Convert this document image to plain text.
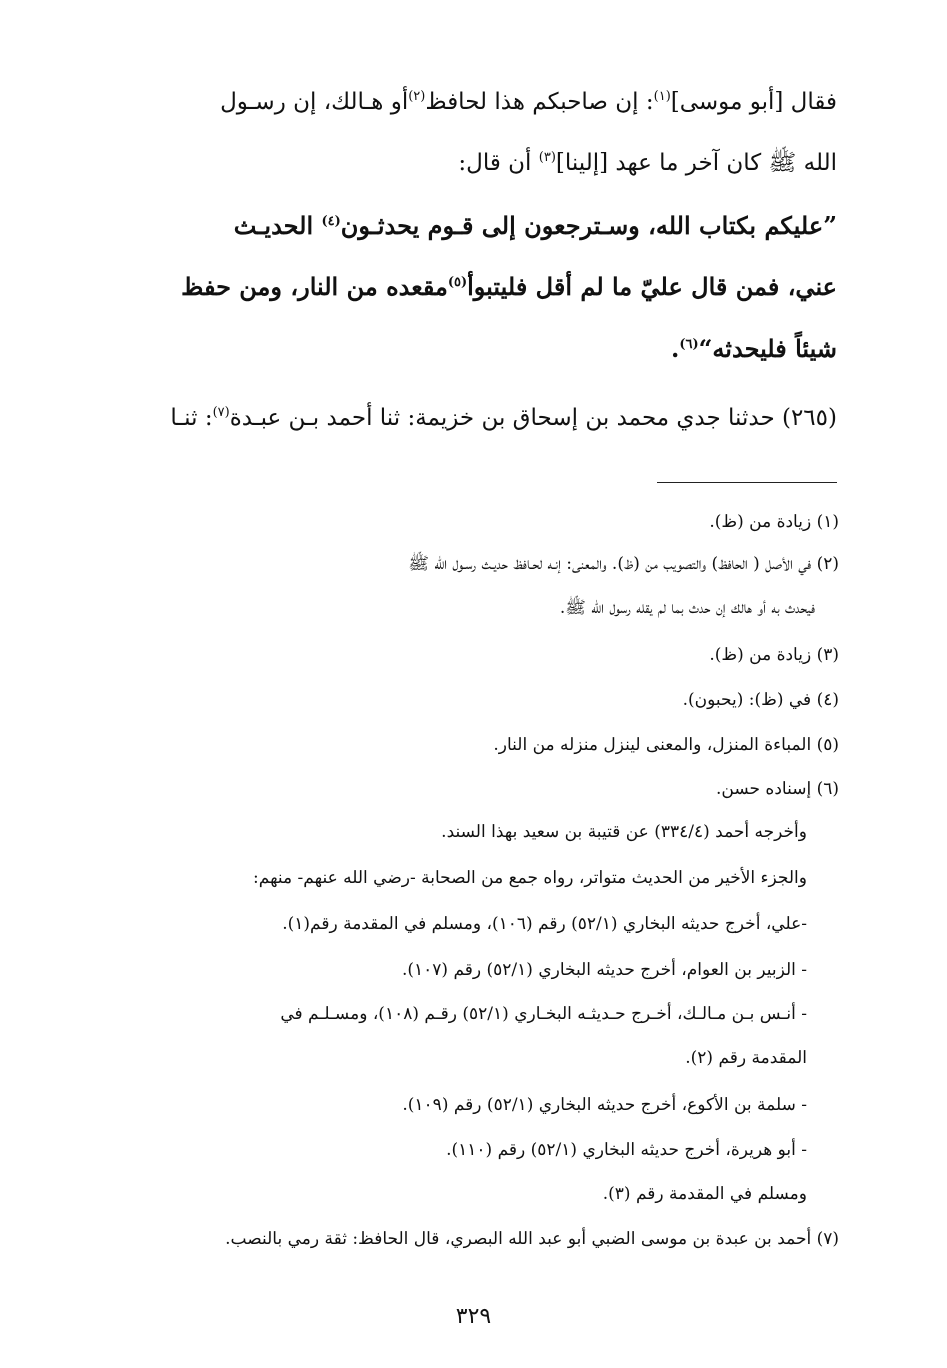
فقال [أبو موسى]$^{(١)}$: إن صاحبكم هذا لحافظ$^{(٢)}$أو هـالك، إن رسـول
الله ﷺ كان آخر ما عهد [إلينا]$^{(٣)}$ أن قال:
”عليكم بكتاب الله، وسـترجعون إلى قـوم يحدثـون$^{(٤)}$ الحديـث
عني، فمن قال عليّ ما لم أقل فليتبوأ$^{(٥)}$مقعده من النار، ومن حفظ
شيئاً فليحدثه“$^{(٦)}$.
(٢٦٥) حدثنا جدي محمد بن إسحاق بن خزيمة: ثنا أحمد بـن عبـدة$^{(٧)}$: ثنـا
(١) زيادة من (ظ).
(٢) في الأصل ( الحافظ) والتصويب من (ظ). والمعنى: إنـه لحـافظ حديـث رسـول الله ﷺ
فيحدث به أو هالك إن حدث بما لم يقله رسول الله ﷺ.
(٣) زيادة من (ظ).
(٤) في (ظ): (يحبون).
(٥) المباءة المنزل، والمعنى لينزل منزله من النار.
(٦) إسناده حسن.
وأخرجه أحمد (٣٣٤/٤) عن قتيبة بن سعيد بهذا السند.
والجزء الأخير من الحديث متواتر، رواه جمع من الصحابة -رضي الله عنهم- منهم:
-علي، أخرج حديثه البخاري (٥٢/١) رقم (١٠٦)، ومسلم في المقدمة رقم(١).
- الزبير بن العوام، أخرج حديثه البخاري (٥٢/١) رقم (١٠٧).
- أنـس بـن مـالـك، أخـرج حـديثـه البخـاري (٥٢/١) رقـم (١٠٨)، ومسـلـم في
المقدمة رقم (٢).
- سلمة بن الأكوع، أخرج حديثه البخاري (٥٢/١) رقم (١٠٩).
- أبو هريرة، أخرج حديثه البخاري (٥٢/١) رقم (١١٠).
ومسلم في المقدمة رقم (٣).
(٧) أحمد بن عبدة بن موسى الضبي أبو عبد الله البصري، قال الحافظ: ثقة رمي بالنصب.
٣٢٩
